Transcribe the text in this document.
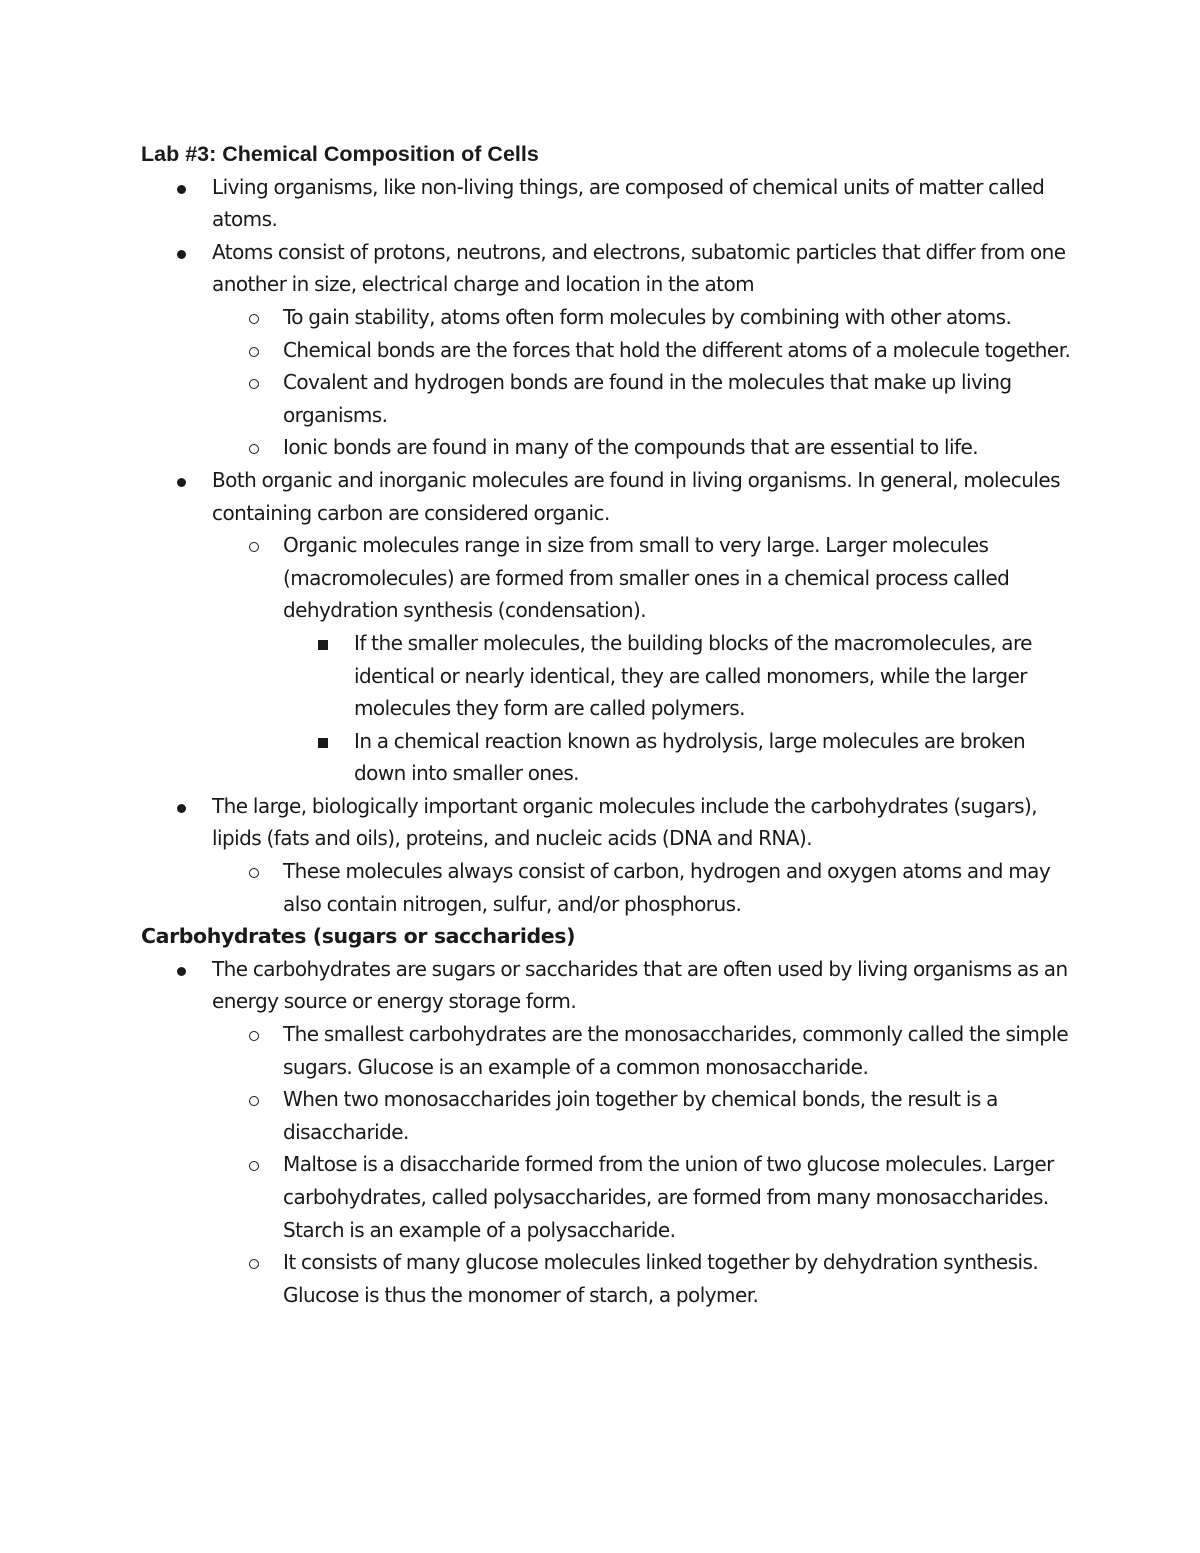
Lab #3: Chemical Composition of Cells

Living organisms, like non-living things, are composed of chemical units of matter called atoms.
Atoms consist of protons, neutrons, and electrons, subatomic particles that differ from one another in size, electrical charge and location in the atom
To gain stability, atoms often form molecules by combining with other atoms.
Chemical bonds are the forces that hold the different atoms of a molecule together.
Covalent and hydrogen bonds are found in the molecules that make up living organisms.
Ionic bonds are found in many of the compounds that are essential to life.
Both organic and inorganic molecules are found in living organisms. In general, molecules containing carbon are considered organic.
Organic molecules range in size from small to very large. Larger molecules (macromolecules) are formed from smaller ones in a chemical process called dehydration synthesis (condensation).
If the smaller molecules, the building blocks of the macromolecules, are identical or nearly identical, they are called monomers, while the larger molecules they form are called polymers.
In a chemical reaction known as hydrolysis, large molecules are broken down into smaller ones.
The large, biologically important organic molecules include the carbohydrates (sugars), lipids (fats and oils), proteins, and nucleic acids (DNA and RNA).
These molecules always consist of carbon, hydrogen and oxygen atoms and may also contain nitrogen, sulfur, and/or phosphorus.

Carbohydrates (sugars or saccharides)

The carbohydrates are sugars or saccharides that are often used by living organisms as an energy source or energy storage form.
The smallest carbohydrates are the monosaccharides, commonly called the simple sugars. Glucose is an example of a common monosaccharide.
When two monosaccharides join together by chemical bonds, the result is a disaccharide.
Maltose is a disaccharide formed from the union of two glucose molecules. Larger carbohydrates, called polysaccharides, are formed from many monosaccharides. Starch is an example of a polysaccharide.
It consists of many glucose molecules linked together by dehydration synthesis. Glucose is thus the monomer of starch, a polymer.
